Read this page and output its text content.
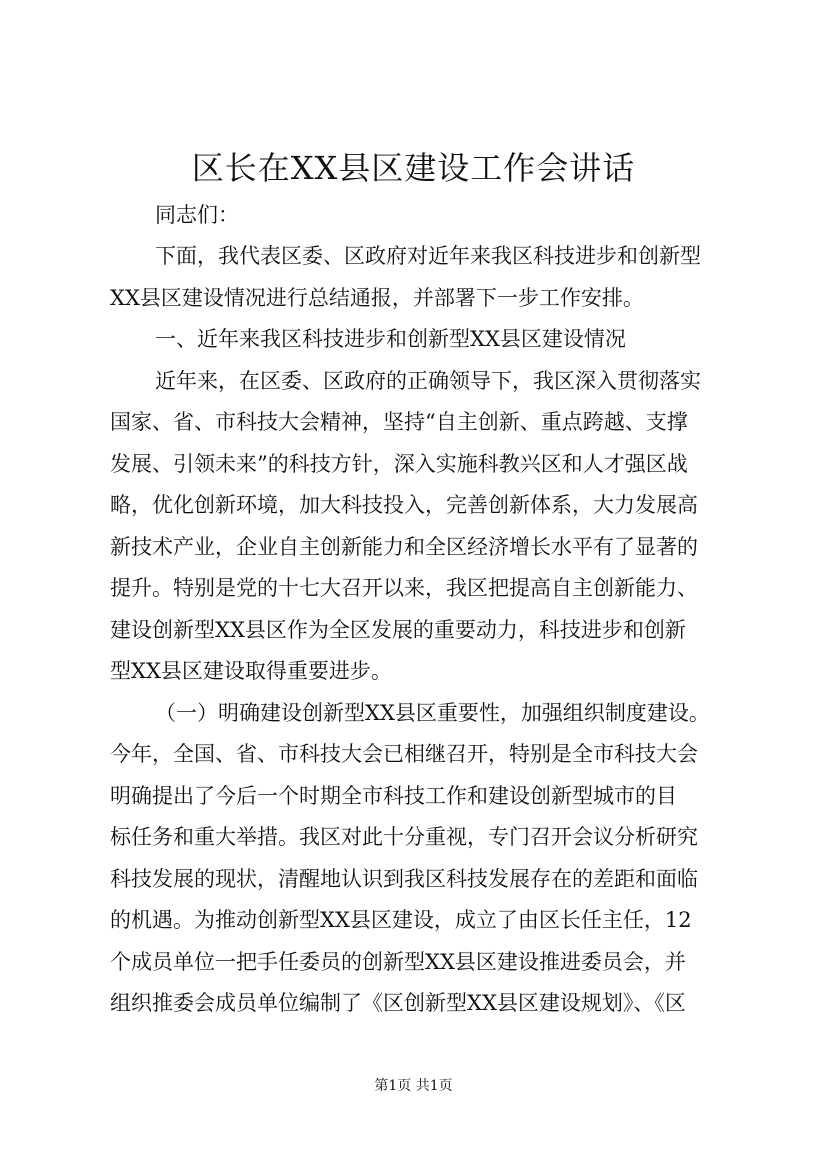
区长在XX县区建设工作会讲话
同志们：
下面，我代表区委、区政府对近年来我区科技进步和创新型
XX县区建设情况进行总结通报，并部署下一步工作安排。
一、近年来我区科技进步和创新型XX县区建设情况
近年来，在区委、区政府的正确领导下，我区深入贯彻落实
国家、省、市科技大会精神，坚持“自主创新、重点跨越、支撑
发展、引领未来”的科技方针，深入实施科教兴区和人才强区战
略，优化创新环境，加大科技投入，完善创新体系，大力发展高
新技术产业，企业自主创新能力和全区经济增长水平有了显著的
提升。特别是党的十七大召开以来，我区把提高自主创新能力、
建设创新型XX县区作为全区发展的重要动力，科技进步和创新
型XX县区建设取得重要进步。
（一）明确建设创新型XX县区重要性，加强组织制度建设。
今年，全国、省、市科技大会已相继召开，特别是全市科技大会
明确提出了今后一个时期全市科技工作和建设创新型城市的目
标任务和重大举措。我区对此十分重视，专门召开会议分析研究
科技发展的现状，清醒地认识到我区科技发展存在的差距和面临
的机遇。为推动创新型XX县区建设，成立了由区长任主任，12
个成员单位一把手任委员的创新型XX县区建设推进委员会，并
组织推委会成员单位编制了《区创新型XX县区建设规划》、《区
第1页 共1页
